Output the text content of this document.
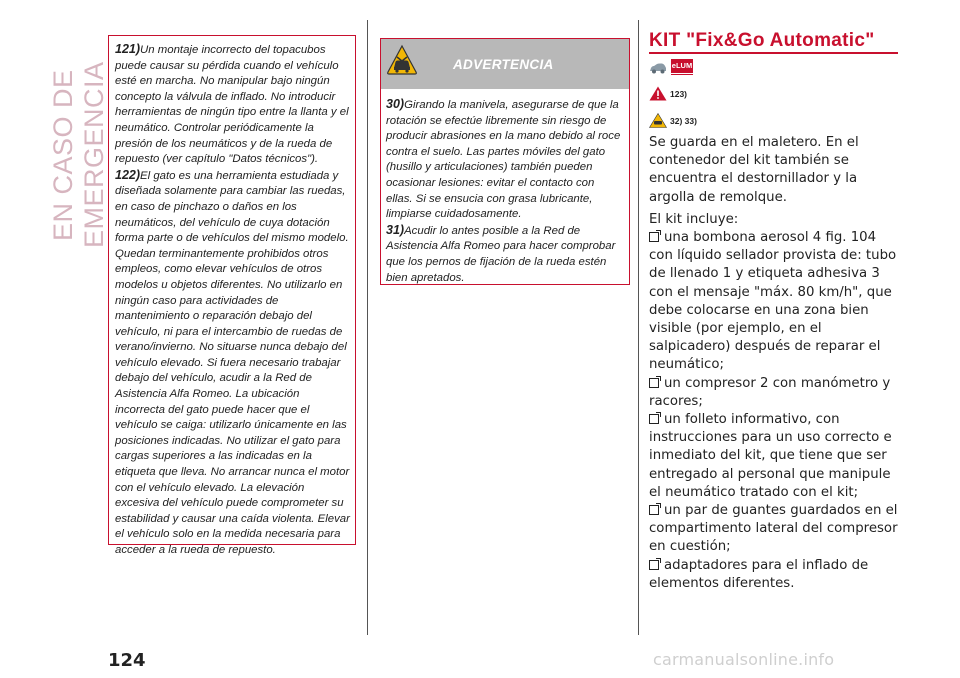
EN CASO DE EMERGENCIA

121)Un montaje incorrecto del topacubos puede causar su pérdida cuando el vehículo esté en marcha. No manipular bajo ningún concepto la válvula de inflado. No introducir herramientas de ningún tipo entre la llanta y el neumático. Controlar periódicamente la presión de los neumáticos y de la rueda de repuesto (ver capítulo "Datos técnicos").

122)El gato es una herramienta estudiada y diseñada solamente para cambiar las ruedas, en caso de pinchazo o daños en los neumáticos, del vehículo de cuya dotación forma parte o de vehículos del mismo modelo. Quedan terminantemente prohibidos otros empleos, como elevar vehículos de otros modelos u objetos diferentes. No utilizarlo en ningún caso para actividades de mantenimiento o reparación debajo del vehículo, ni para el intercambio de ruedas de verano/invierno. No situarse nunca debajo del vehículo elevado. Si fuera necesario trabajar debajo del vehículo, acudir a la Red de Asistencia Alfa Romeo. La ubicación incorrecta del gato puede hacer que el vehículo se caiga: utilizarlo únicamente en las posiciones indicadas. No utilizar el gato para cargas superiores a las indicadas en la etiqueta que lleva. No arrancar nunca el motor con el vehículo elevado. La elevación excesiva del vehículo puede comprometer su estabilidad y causar una caída violenta. Elevar el vehículo solo en la medida necesaria para acceder a la rueda de repuesto.

ADVERTENCIA

30)Girando la manivela, asegurarse de que la rotación se efectúe libremente sin riesgo de producir abrasiones en la mano debido al roce contra el suelo. Las partes móviles del gato (husillo y articulaciones) también pueden ocasionar lesiones: evitar el contacto con ellas. Si se ensucia con grasa lubricante, limpiarse cuidadosamente.

31)Acudir lo antes posible a la Red de Asistencia Alfa Romeo para hacer comprobar que los pernos de fijación de la rueda estén bien apretados.

KIT "Fix&Go Automatic"
eLUM
123)
32) 33)

Se guarda en el maletero. En el contenedor del kit también se encuentra el destornillador y la argolla de remolque.

El kit incluye:

una bombona aerosol 4 fig. 104 con líquido sellador provista de: tubo de llenado 1 y etiqueta adhesiva 3 con el mensaje "máx. 80 km/h", que debe colocarse en una zona bien visible (por ejemplo, en el salpicadero) después de reparar el neumático;
un compresor 2 con manómetro y racores;
un folleto informativo, con instrucciones para un uso correcto e inmediato del kit, que tiene que ser entregado al personal que manipule el neumático tratado con el kit;
un par de guantes guardados en el compartimento lateral del compresor en cuestión;
adaptadores para el inflado de elementos diferentes.
124	carmanualsonline.info
